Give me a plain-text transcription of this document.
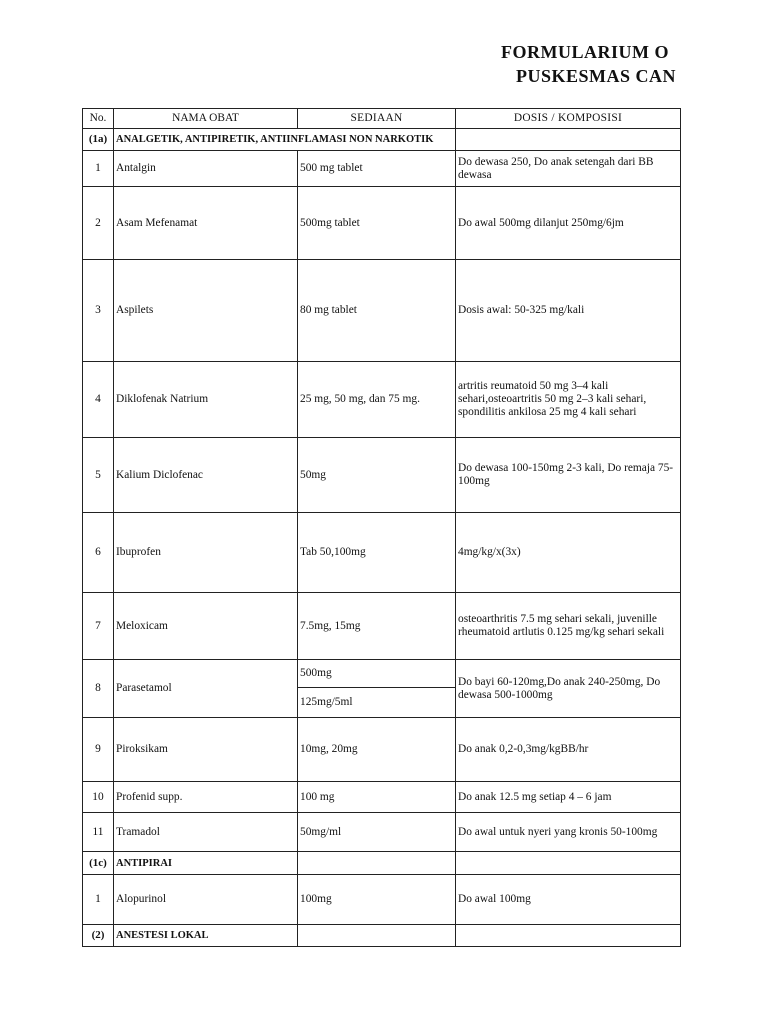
FORMULARIUM O
PUSKESMAS CAN
No.	NAMA OBAT	SEDIAAN	DOSIS / KOMPOSISI
(1a)	ANALGETIK, ANTIPIRETIK, ANTIINFLAMASI NON NARKOTIK		
1	Antalgin	500 mg tablet	Do dewasa 250, Do anak setengah dari BB dewasa
2	Asam Mefenamat	500mg tablet	Do awal 500mg dilanjut 250mg/6jm
3	Aspilets	80 mg tablet	Dosis awal: 50-325 mg/kali
4	Diklofenak Natrium	25 mg, 50 mg, dan 75 mg.	artritis reumatoid 50 mg 3–4 kali sehari,osteoartritis 50 mg 2–3 kali sehari, spondilitis ankilosa 25 mg 4 kali sehari
5	Kalium Diclofenac	50mg	Do dewasa 100-150mg 2-3 kali, Do remaja 75-100mg
6	Ibuprofen	Tab 50,100mg	4mg/kg/x(3x)
7	Meloxicam	7.5mg, 15mg	osteoarthritis 7.5 mg sehari sekali, juvenille rheumatoid artlutis 0.125 mg/kg sehari sekali
8	Parasetamol	500mg	Do bayi 60-120mg,Do anak 240-250mg, Do dewasa 500-1000mg
		125mg/5ml	
9	Piroksikam	10mg, 20mg	Do anak 0,2-0,3mg/kgBB/hr
10	Profenid supp.	100 mg	Do anak 12.5 mg setiap 4 – 6 jam
11	Tramadol	50mg/ml	Do awal untuk nyeri yang kronis 50-100mg
(1c)	ANTIPIRAI		
1	Alopurinol	100mg	Do awal 100mg
(2)	ANESTESI LOKAL		
